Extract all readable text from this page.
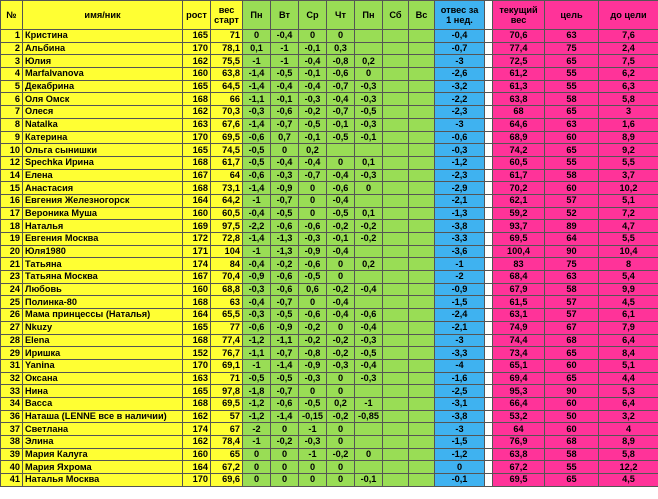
№	имя/ник	рост	вес старт	Пн	Вт	Ср	Чт	Пн	Сб	Вс	отвес за 1 нед.		текущий вес	цель	до цели
1	Кристина	165	71	0	-0,4	0	0				-0,4		70,6	63	7,6
2	Альбина	170	78,1	0,1	-1	-0,1	0,3				-0,7		77,4	75	2,4
3	Юлия	162	75,5	-1	-1	-0,4	-0,8	0,2			-3		72,5	65	7,5
4	Marfalvanova	160	63,8	-1,4	-0,5	-0,1	-0,6	0			-2,6		61,2	55	6,2
5	Декабрина	165	64,5	-1,4	-0,4	-0,4	-0,7	-0,3			-3,2		61,3	55	6,3
6	Оля Омск	168	66	-1,1	-0,1	-0,3	-0,4	-0,3			-2,2		63,8	58	5,8
7	Олеся	162	70,3	-0,3	-0,6	-0,2	-0,7	-0,5			-2,3		68	65	3
8	Natalka	163	67,6	-1,4	-0,7	-0,5	-0,1	-0,3			-3		64,6	63	1,6
9	Катерина	170	69,5	-0,6	0,7	-0,1	-0,5	-0,1			-0,6		68,9	60	8,9
10	Ольга сынишки	165	74,5	-0,5	0	0,2					-0,3		74,2	65	9,2
12	Spechka Ирина	168	61,7	-0,5	-0,4	-0,4	0	0,1			-1,2		60,5	55	5,5
14	Елена	167	64	-0,6	-0,3	-0,7	-0,4	-0,3			-2,3		61,7	58	3,7
15	Анастасия	168	73,1	-1,4	-0,9	0	-0,6	0			-2,9		70,2	60	10,2
16	Евгения Железногорск	164	64,2	-1	-0,7	0	-0,4				-2,1		62,1	57	5,1
17	Вероника Муша	160	60,5	-0,4	-0,5	0	-0,5	0,1			-1,3		59,2	52	7,2
18	Наталья	169	97,5	-2,2	-0,6	-0,6	-0,2	-0,2			-3,8		93,7	89	4,7
19	Евгения Москва	172	72,8	-1,4	-1,3	-0,3	-0,1	-0,2			-3,3		69,5	64	5,5
20	Юля1980	171	104	-1	-1,3	-0,9	-0,4				-3,6		100,4	90	10,4
21	Татьяна	174	84	-0,4	-0,2	-0,6	0	0,2			-1		83	75	8
23	Татьяна Москва	167	70,4	-0,9	-0,6	-0,5	0				-2		68,4	63	5,4
24	Любовь	160	68,8	-0,3	-0,6	0,6	-0,2	-0,4			-0,9		67,9	58	9,9
25	Полинка-80	168	63	-0,4	-0,7	0	-0,4				-1,5		61,5	57	4,5
26	Мама принцессы (Наталья)	164	65,5	-0,3	-0,5	-0,6	-0,4	-0,6			-2,4		63,1	57	6,1
27	Nkuzy	165	77	-0,6	-0,9	-0,2	0	-0,4			-2,1		74,9	67	7,9
28	Elena	168	77,4	-1,2	-1,1	-0,2	-0,2	-0,3			-3		74,4	68	6,4
29	Иришка	152	76,7	-1,1	-0,7	-0,8	-0,2	-0,5			-3,3		73,4	65	8,4
31	Yanina	170	69,1	-1	-1,4	-0,9	-0,3	-0,4			-4		65,1	60	5,1
32	Оксана	163	71	-0,5	-0,5	-0,3	0	-0,3			-1,6		69,4	65	4,4
33	Нина	165	97,8	-1,8	-0,7	0	0				-2,5		95,3	90	5,3
34	Васса	168	69,5	-1,2	-0,6	-0,5	0,2	-1			-3,1		66,4	60	6,4
36	Наташа (LENNE все в наличии)	162	57	-1,2	-1,4	-0,15	-0,2	-0,85			-3,8		53,2	50	3,2
37	Светлана	174	67	-2	0	-1	0				-3		64	60	4
38	Элина	162	78,4	-1	-0,2	-0,3	0				-1,5		76,9	68	8,9
39	Мария Калуга	160	65	0	0	-1	-0,2	0			-1,2		63,8	58	5,8
40	Мария Яхрома	164	67,2	0	0	0	0				0		67,2	55	12,2
41	Наталья Москва	170	69,6	0	0	0	0	-0,1			-0,1		69,5	65	4,5
